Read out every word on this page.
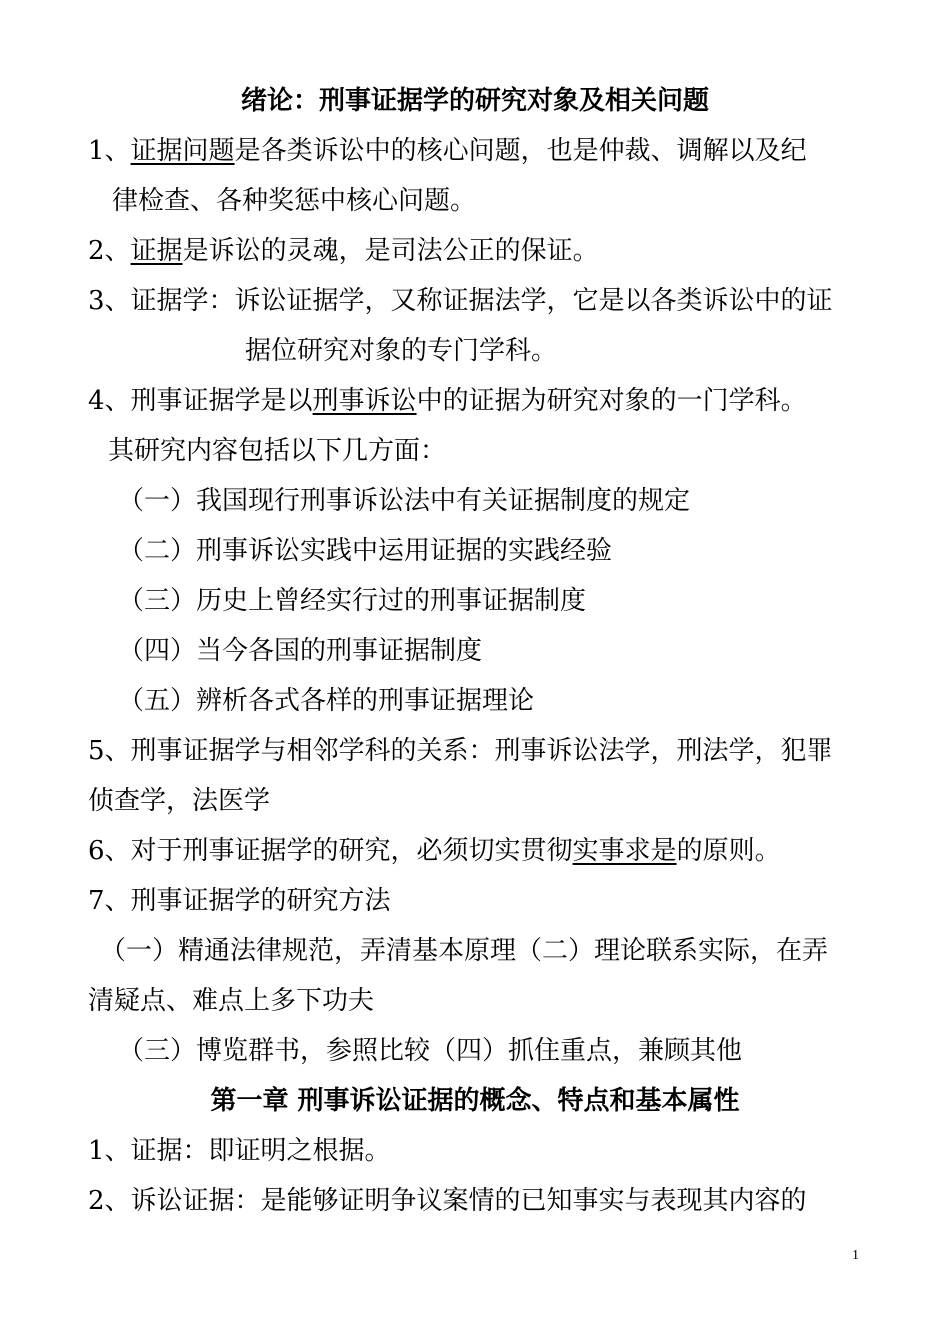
绪论：刑事证据学的研究对象及相关问题
1、证据问题是各类诉讼中的核心问题，也是仲裁、调解以及纪
律检查、各种奖惩中核心问题。
2、证据是诉讼的灵魂，是司法公正的保证。
3、证据学：诉讼证据学，又称证据法学，它是以各类诉讼中的证
据位研究对象的专门学科。
4、刑事证据学是以刑事诉讼中的证据为研究对象的一门学科。
其研究内容包括以下几方面：
（一）我国现行刑事诉讼法中有关证据制度的规定
（二）刑事诉讼实践中运用证据的实践经验
（三）历史上曾经实行过的刑事证据制度
（四）当今各国的刑事证据制度
（五）辨析各式各样的刑事证据理论
5、刑事证据学与相邻学科的关系：刑事诉讼法学，刑法学，犯罪
侦查学，法医学
6、对于刑事证据学的研究，必须切实贯彻实事求是的原则。
7、刑事证据学的研究方法
（一）精通法律规范，弄清基本原理（二）理论联系实际，在弄
清疑点、难点上多下功夫
（三）博览群书，参照比较（四）抓住重点，兼顾其他
第一章 刑事诉讼证据的概念、特点和基本属性
1、证据：即证明之根据。
2、诉讼证据：是能够证明争议案情的已知事实与表现其内容的
1
